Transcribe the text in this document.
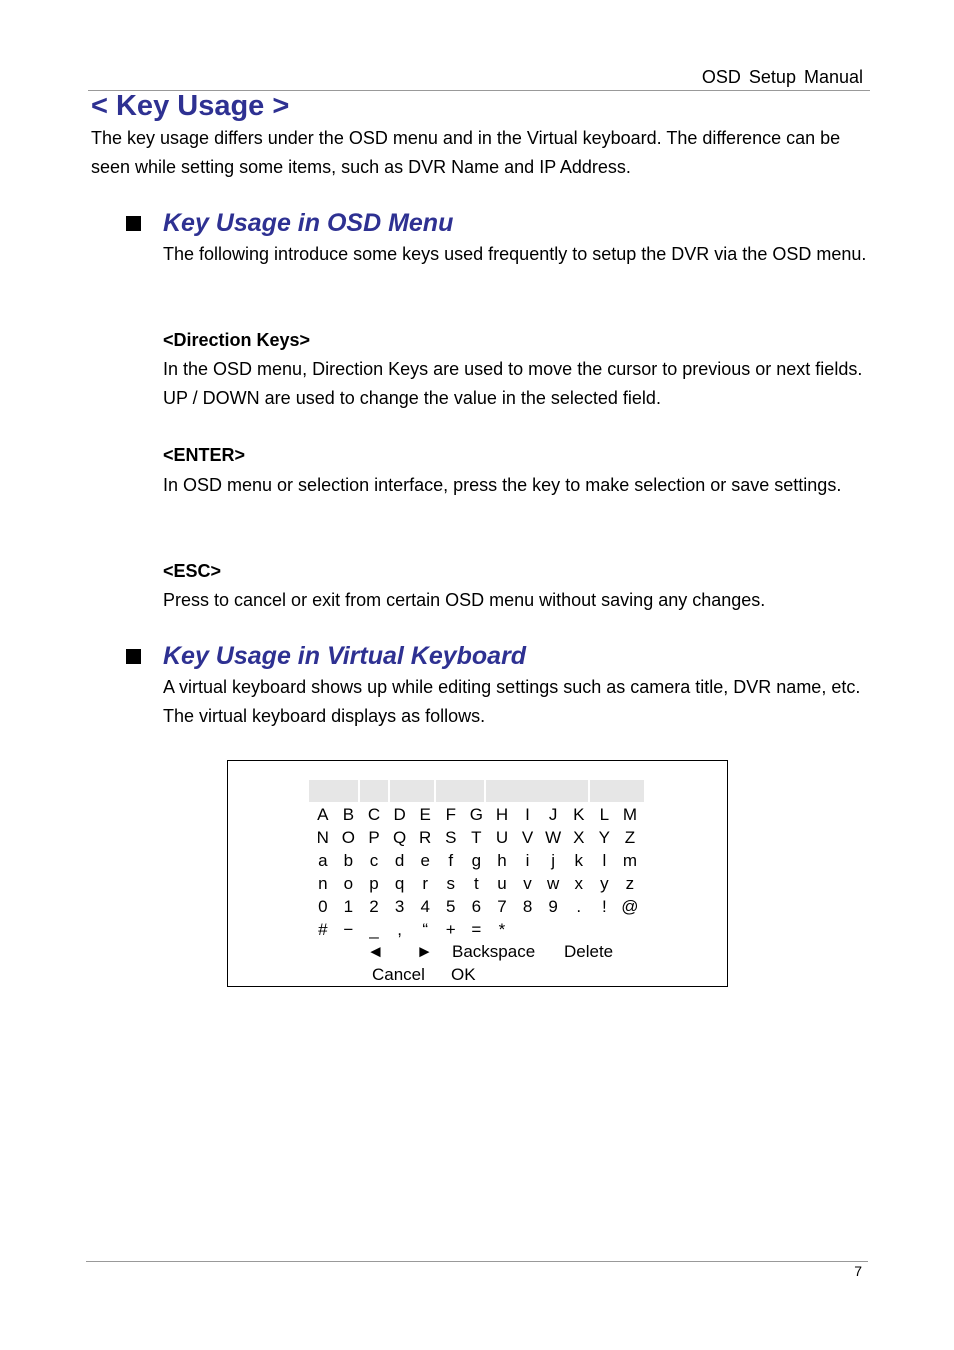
OSD Setup Manual
< Key Usage >

The key usage differs under the OSD menu and in the Virtual keyboard. The difference can be seen while setting some items, such as DVR Name and IP Address.

Key Usage in OSD Menu

The following introduce some keys used frequently to setup the DVR via the OSD menu.

<Direction Keys>

In the OSD menu, Direction Keys are used to move the cursor to previous or next fields. UP / DOWN are used to change the value in the selected field.

<ENTER>

In OSD menu or selection interface, press the key to make selection or save settings.

<ESC>

Press to cancel or exit from certain OSD menu without saving any changes.

Key Usage in Virtual Keyboard

A virtual keyboard shows up while editing settings such as camera title, DVR name, etc. The virtual keyboard displays as follows.

A B C D E F G H	I	J K L M
N O P Q R S T U V W X Y Z
a b c d e	f	g h	i	j	k	l m
n o p q	r	s	t	u v w x	y	z
0 1 2 3 4 5 6 7 8 9	.	! @
# − _	,	“	+ =	*
◄ ► Backspace Delete
Cancel OK
7
